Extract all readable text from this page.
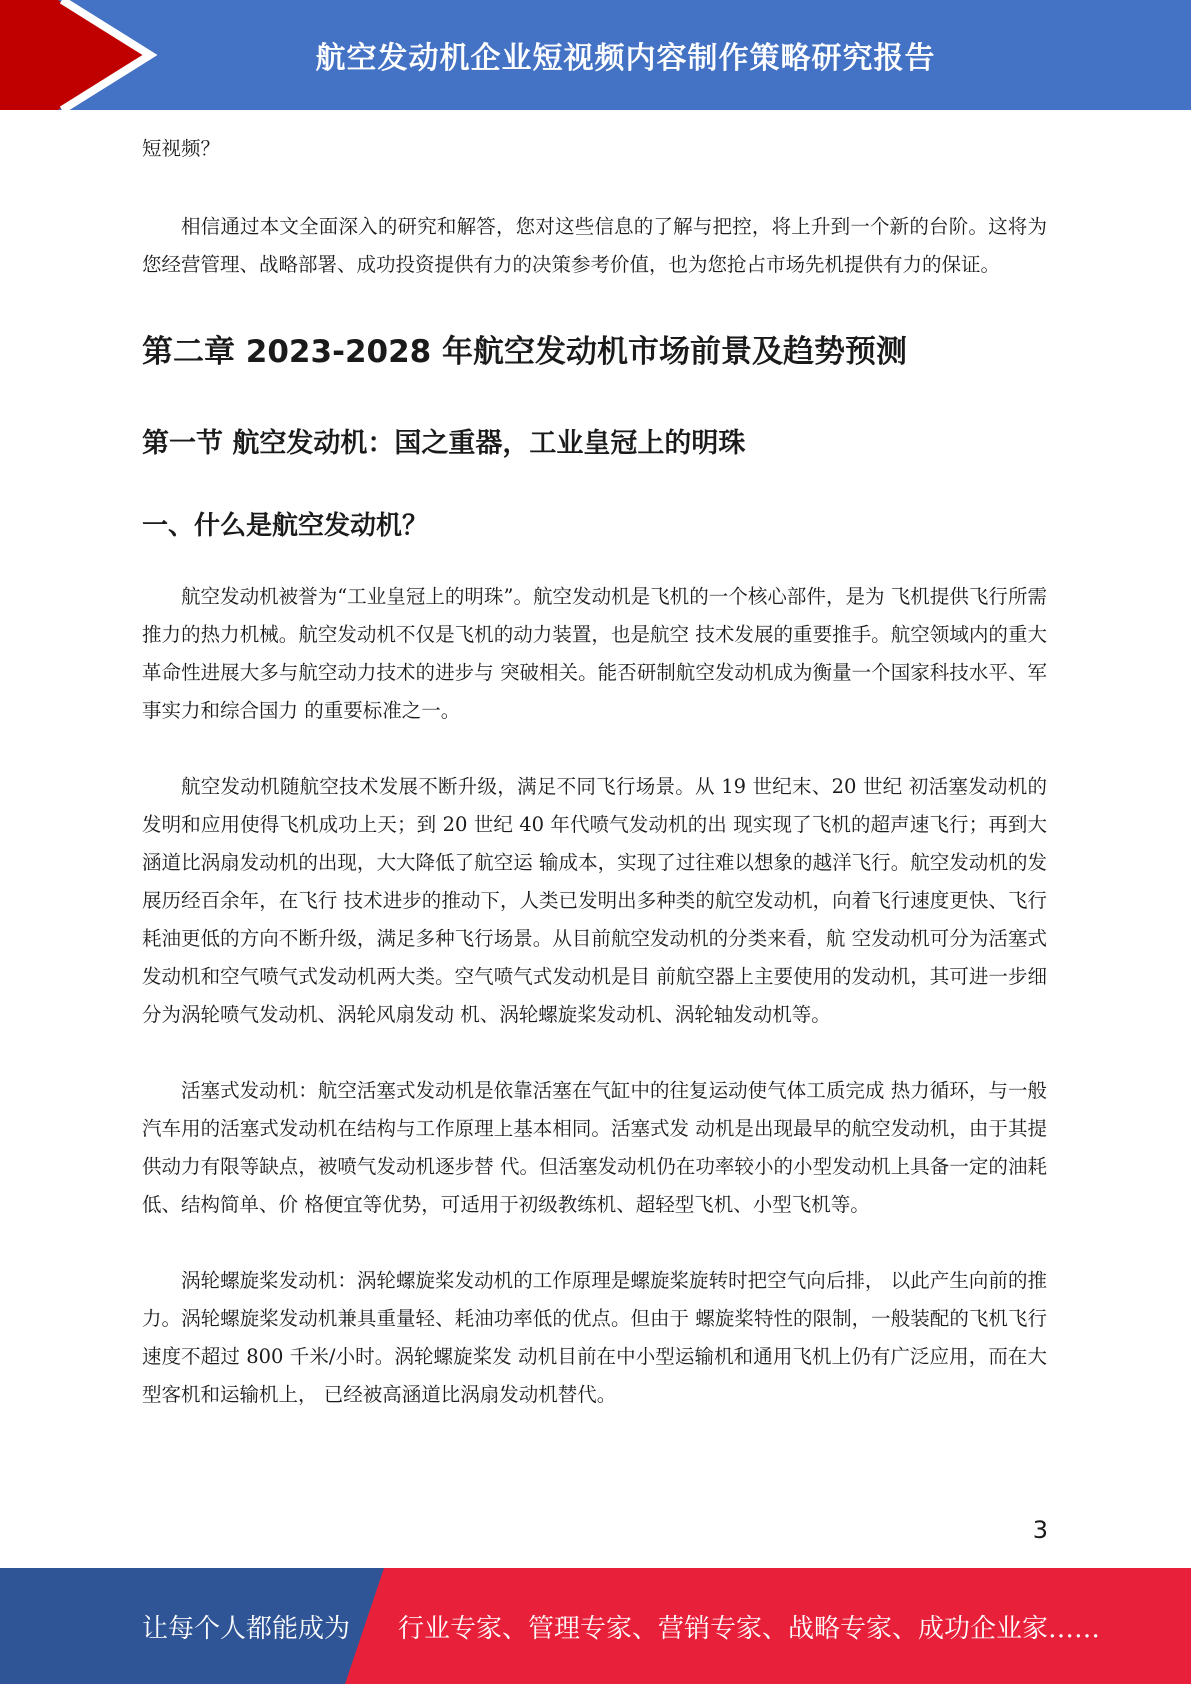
航空发动机企业短视频内容制作策略研究报告

短视频？

相信通过本文全面深入的研究和解答，您对这些信息的了解与把控，将上升到一个新的台阶。这将为您经营管理、战略部署、成功投资提供有力的决策参考价值，也为您抢占市场先机提供有力的保证。

第二章 2023-2028 年航空发动机市场前景及趋势预测
第一节 航空发动机：国之重器，工业皇冠上的明珠
一、什么是航空发动机？

航空发动机被誉为“工业皇冠上的明珠”。航空发动机是飞机的一个核心部件，是为 飞机提供飞行所需推力的热力机械。航空发动机不仅是飞机的动力装置，也是航空 技术发展的重要推手。航空领域内的重大革命性进展大多与航空动力技术的进步与 突破相关。能否研制航空发动机成为衡量一个国家科技水平、军事实力和综合国力 的重要标准之一。

航空发动机随航空技术发展不断升级，满足不同飞行场景。从 19 世纪末、20 世纪 初活塞发动机的发明和应用使得飞机成功上天；到 20 世纪 40 年代喷气发动机的出 现实现了飞机的超声速飞行；再到大涵道比涡扇发动机的出现，大大降低了航空运 输成本，实现了过往难以想象的越洋飞行。航空发动机的发展历经百余年，在飞行 技术进步的推动下，人类已发明出多种类的航空发动机，向着飞行速度更快、飞行 耗油更低的方向不断升级，满足多种飞行场景。从目前航空发动机的分类来看，航 空发动机可分为活塞式发动机和空气喷气式发动机两大类。空气喷气式发动机是目 前航空器上主要使用的发动机，其可进一步细分为涡轮喷气发动机、涡轮风扇发动 机、涡轮螺旋桨发动机、涡轮轴发动机等。

活塞式发动机：航空活塞式发动机是依靠活塞在气缸中的往复运动使气体工质完成 热力循环，与一般汽车用的活塞式发动机在结构与工作原理上基本相同。活塞式发 动机是出现最早的航空发动机，由于其提供动力有限等缺点，被喷气发动机逐步替 代。但活塞发动机仍在功率较小的小型发动机上具备一定的油耗低、结构简单、价 格便宜等优势，可适用于初级教练机、超轻型飞机、小型飞机等。

涡轮螺旋桨发动机：涡轮螺旋桨发动机的工作原理是螺旋桨旋转时把空气向后排， 以此产生向前的推力。涡轮螺旋桨发动机兼具重量轻、耗油功率低的优点。但由于 螺旋桨特性的限制，一般装配的飞机飞行速度不超过 800 千米/小时。涡轮螺旋桨发 动机目前在中小型运输机和通用飞机上仍有广泛应用，而在大型客机和运输机上， 已经被高涵道比涡扇发动机替代。

3
让每个人都能成为 行业专家、管理专家、营销专家、战略专家、成功企业家……
